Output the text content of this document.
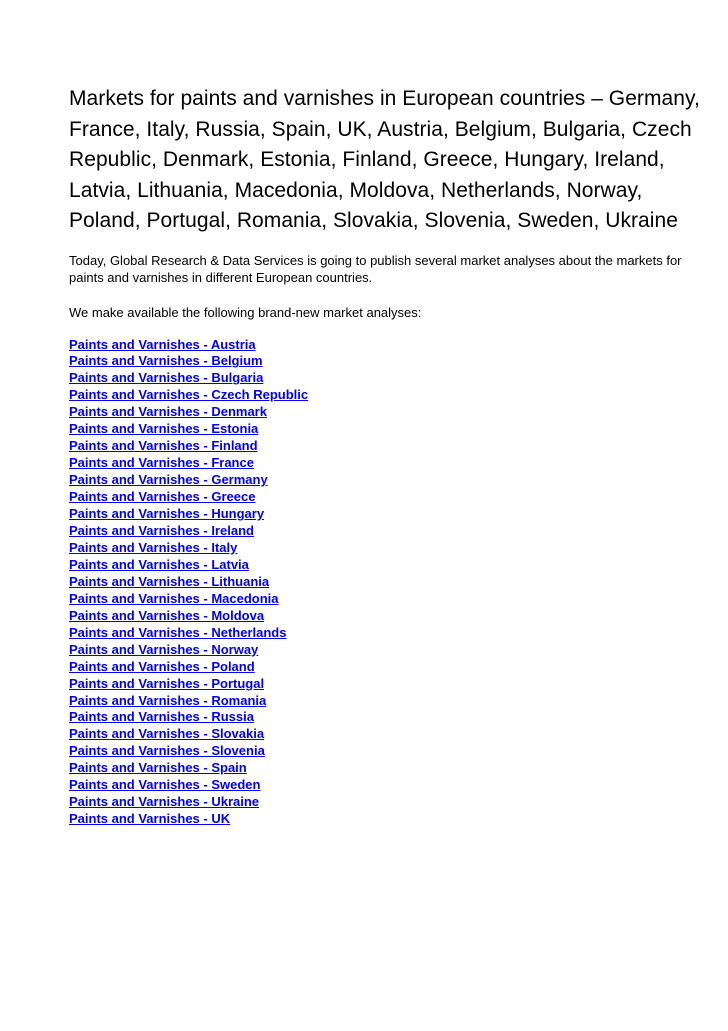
Markets for paints and varnishes in European countries – Germany, France, Italy, Russia, Spain, UK, Austria, Belgium, Bulgaria, Czech Republic, Denmark, Estonia, Finland, Greece, Hungary, Ireland, Latvia, Lithuania, Macedonia, Moldova, Netherlands, Norway, Poland, Portugal, Romania, Slovakia, Slovenia, Sweden, Ukraine

Today, Global Research & Data Services is going to publish several market analyses about the markets for paints and varnishes in different European countries.

We make available the following brand-new market analyses:

Paints and Varnishes - Austria
Paints and Varnishes - Belgium
Paints and Varnishes - Bulgaria
Paints and Varnishes - Czech Republic
Paints and Varnishes - Denmark
Paints and Varnishes - Estonia
Paints and Varnishes - Finland
Paints and Varnishes - France
Paints and Varnishes - Germany
Paints and Varnishes - Greece
Paints and Varnishes - Hungary
Paints and Varnishes - Ireland
Paints and Varnishes - Italy
Paints and Varnishes - Latvia
Paints and Varnishes - Lithuania
Paints and Varnishes - Macedonia
Paints and Varnishes - Moldova
Paints and Varnishes - Netherlands
Paints and Varnishes - Norway
Paints and Varnishes - Poland
Paints and Varnishes - Portugal
Paints and Varnishes - Romania
Paints and Varnishes - Russia
Paints and Varnishes - Slovakia
Paints and Varnishes - Slovenia
Paints and Varnishes - Spain
Paints and Varnishes - Sweden
Paints and Varnishes - Ukraine
Paints and Varnishes - UK
